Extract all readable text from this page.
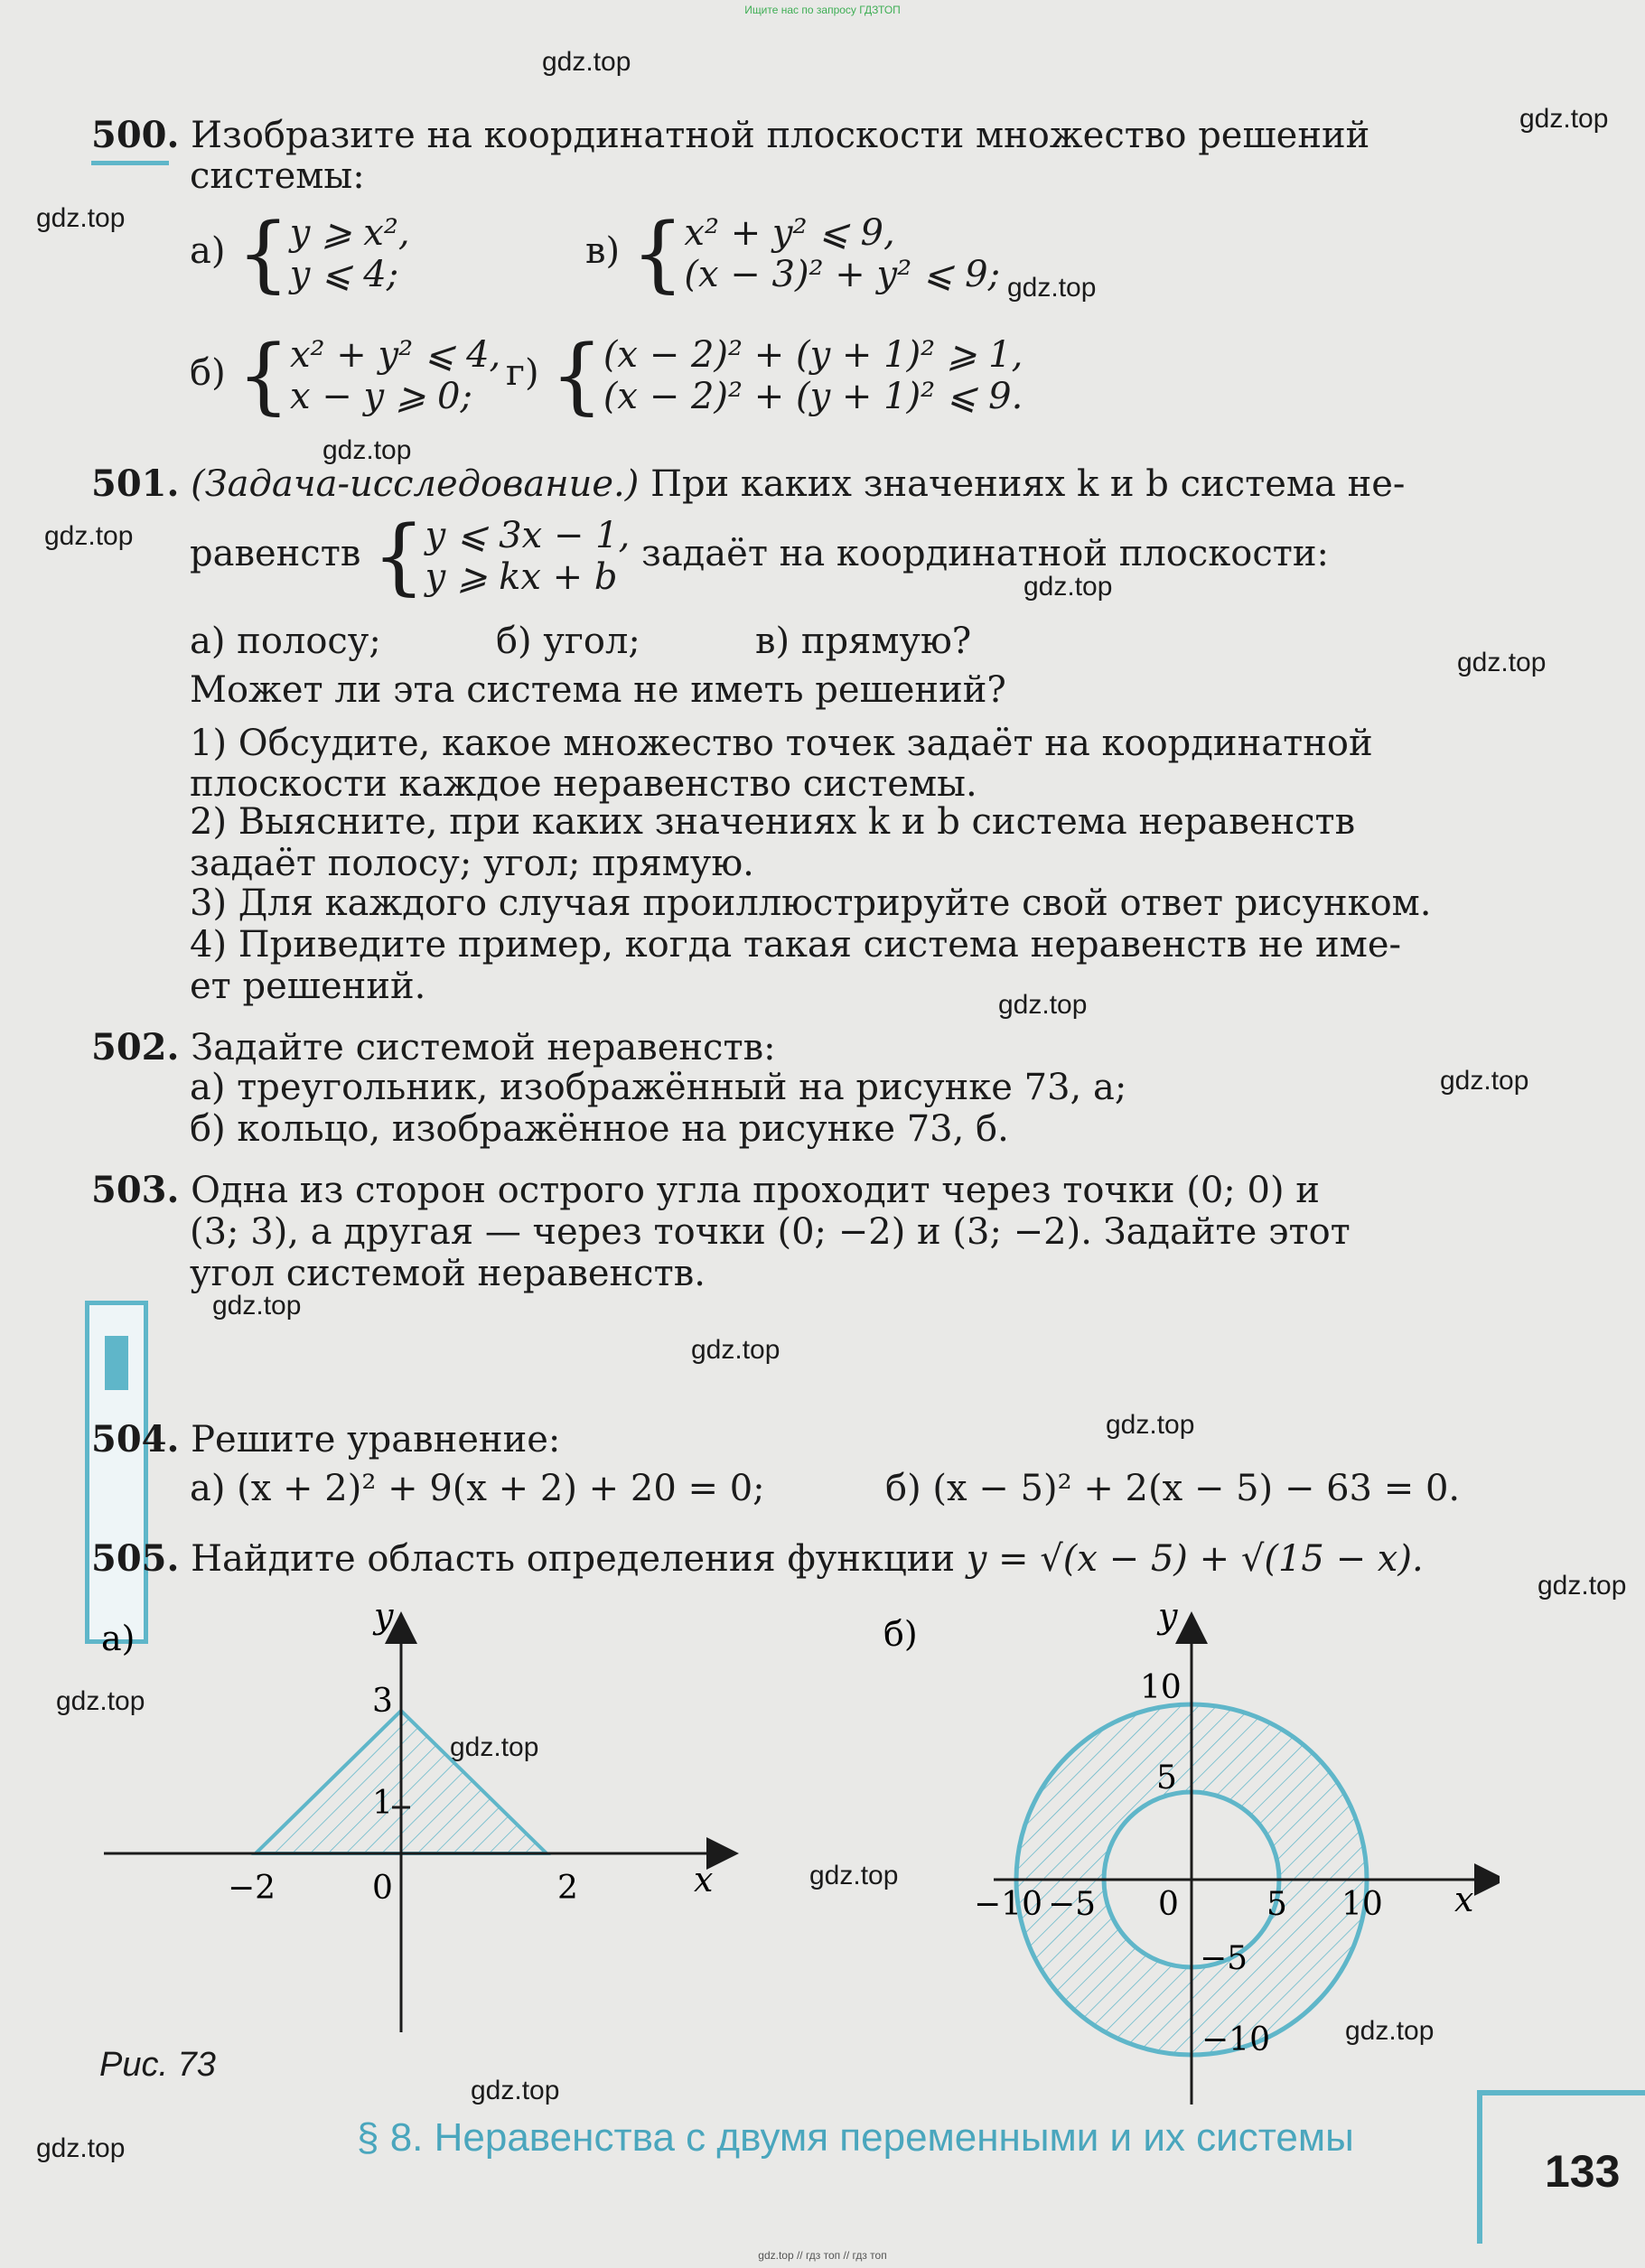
Ищите нас по запросу ГДЗТОП
gdz.top // гдз топ // гдз топ
gdz.top
gdz.top
gdz.top
gdz.top
gdz.top
gdz.top
gdz.top
gdz.top
gdz.top
gdz.top
gdz.top
gdz.top
gdz.top
gdz.top
gdz.top
gdz.top
gdz.top
gdz.top
gdz.top
gdz.top
500. Изобразите на координатной плоскости множество решений
системы:
а) {y ⩾ x²,
y ⩽ 4;
в) {x² + y² ⩽ 9,
(x − 3)² + y² ⩽ 9;
б) {x² + y² ⩽ 4,
x − y ⩾ 0;
г) {(x − 2)² + (y + 1)² ⩾ 1,
(x − 2)² + (y + 1)² ⩽ 9.
501. (Задача-исследование.) При каких значениях k и b система не-
равенств {y ⩽ 3x − 1,
y ⩾ kx + b задаёт на координатной плоскости:
а) полосу;          б) угол;          в) прямую?
Может ли эта система не иметь решений?
1) Обсудите, какое множество точек задаёт на координатной
плоскости каждое неравенство системы.
2) Выясните, при каких значениях k и b система неравенств
задаёт полосу; угол; прямую.
3) Для каждого случая проиллюстрируйте свой ответ рисунком.
4) Приведите пример, когда такая система неравенств не име-
ет решений.
502. Задайте системой неравенств:
а) треугольник, изображённый на рисунке 73, а;
б) кольцо, изображённое на рисунке 73, б.
503. Одна из сторон острого угла проходит через точки (0; 0) и
(3; 3), а другая — через точки (0; −2) и (3; −2). Задайте этот
угол системой неравенств.
504. Решите уравнение:
а) (x + 2)² + 9(x + 2) + 20 = 0;	б) (x − 5)² + 2(x − 5) − 63 = 0.
505. Найдите область определения функции y = √(x − 5) + √(15 − x).
а)
y
x
3
1
−2	0	2
б)	y
x
10
5
−10 −5 0	5 10
−5
−10
Рис. 73
§ 8. Неравенства с двумя переменными и их системы
133
